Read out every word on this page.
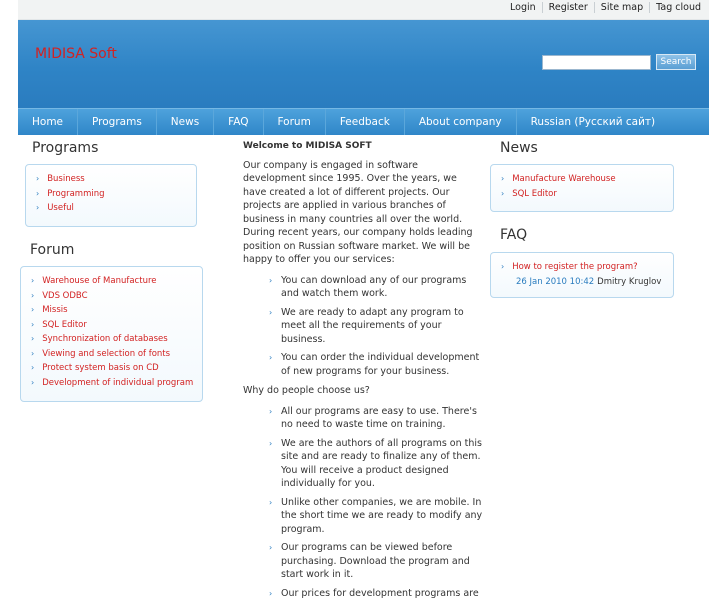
Login Register Site map Tag cloud
MIDISA Soft	Search
Home	Programs	News	FAQ	Forum	Feedback	About company	Russian (Русский сайт)
Programs
› Business
› Programming
› Useful
Forum
› Warehouse of Manufacture
› VDS ODBC
› Missis
› SQL Editor
› Synchronization of databases
› Viewing and selection of fonts
› Protect system basis on CD
› Development of individual program
Welcome to MIDISA SOFT
Our company is engaged in software development since 1995. Over the years, we have created a lot of different projects. Our projects are applied in various branches of business in many countries all over the world. During recent years, our company holds leading position on Russian software market. We will be happy to offer you our services:
› You can download any of our programs and watch them work.
› We are ready to adapt any program to meet all the requirements of your business.
› You can order the individual development of new programs for your business.
Why do people choose us?
› All our programs are easy to use. There's no need to waste time on training.
› We are the authors of all programs on this site and are ready to finalize any of them. You will receive a product designed individually for you.
› Unlike other companies, we are mobile. In the short time we are ready to modify any program.
› Our programs can be viewed before purchasing. Download the program and start work in it.
› Our prices for development programs are
News
› Manufacture Warehouse
› SQL Editor
FAQ
› How to register the program?
26 Jan 2010 10:42 Dmitry Kruglov
